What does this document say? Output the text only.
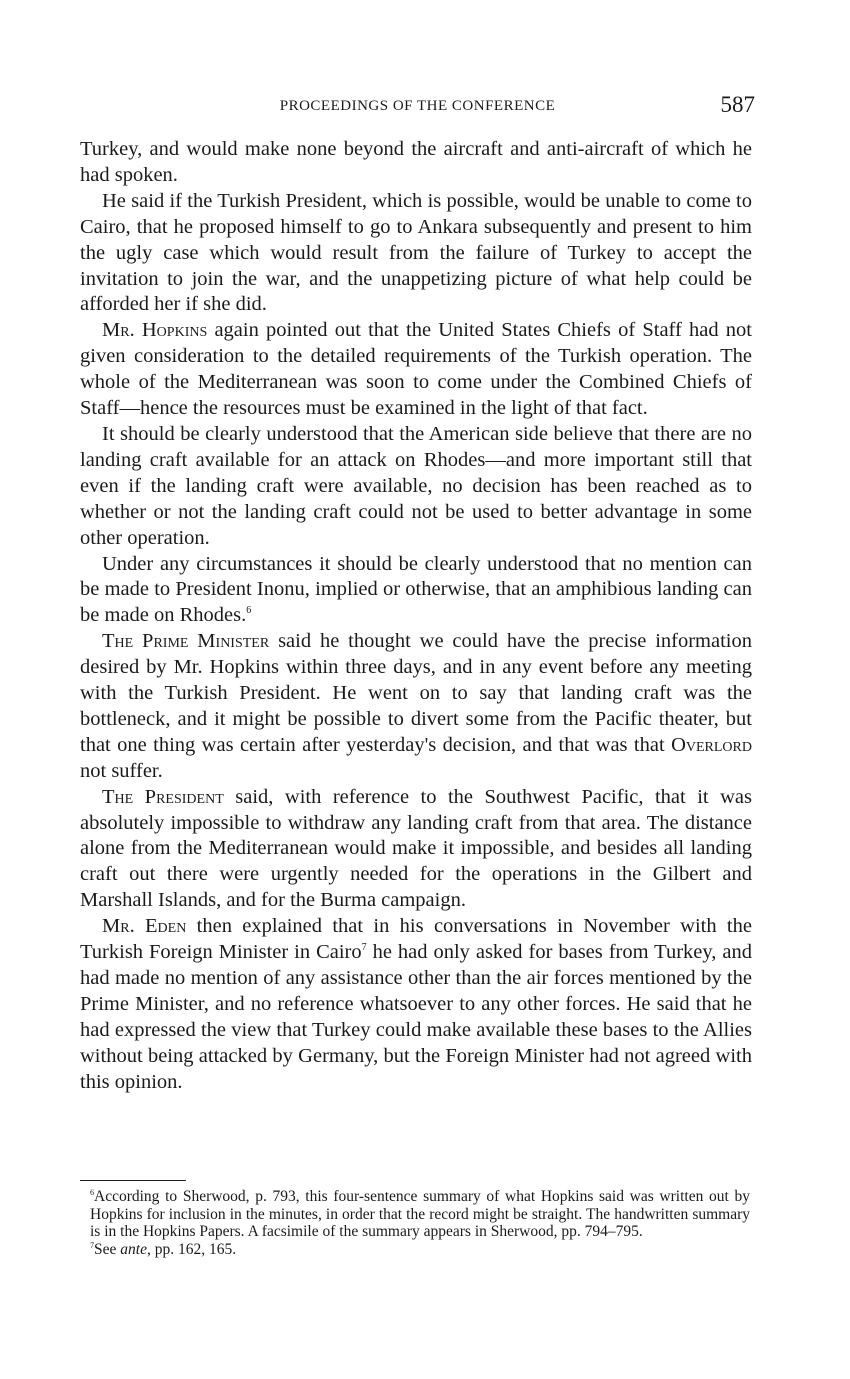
PROCEEDINGS OF THE CONFERENCE	587

Turkey, and would make none beyond the aircraft and anti-aircraft of which he had spoken.

He said if the Turkish President, which is possible, would be unable to come to Cairo, that he proposed himself to go to Ankara subsequently and present to him the ugly case which would result from the failure of Turkey to accept the invitation to join the war, and the unappetizing picture of what help could be afforded her if she did.

Mr. Hopkins again pointed out that the United States Chiefs of Staff had not given consideration to the detailed requirements of the Turkish operation. The whole of the Mediterranean was soon to come under the Combined Chiefs of Staff—hence the resources must be examined in the light of that fact.

It should be clearly understood that the American side believe that there are no landing craft available for an attack on Rhodes—and more important still that even if the landing craft were available, no decision has been reached as to whether or not the landing craft could not be used to better advantage in some other operation.

Under any circumstances it should be clearly understood that no mention can be made to President Inonu, implied or otherwise, that an amphibious landing can be made on Rhodes.$^6$

The Prime Minister said he thought we could have the precise information desired by Mr. Hopkins within three days, and in any event before any meeting with the Turkish President. He went on to say that landing craft was the bottleneck, and it might be possible to divert some from the Pacific theater, but that one thing was certain after yesterday's decision, and that was that Overlord not suffer.

The President said, with reference to the Southwest Pacific, that it was absolutely impossible to withdraw any landing craft from that area. The distance alone from the Mediterranean would make it impossible, and besides all landing craft out there were urgently needed for the operations in the Gilbert and Marshall Islands, and for the Burma campaign.

Mr. Eden then explained that in his conversations in November with the Turkish Foreign Minister in Cairo$^7$ he had only asked for bases from Turkey, and had made no mention of any assistance other than the air forces mentioned by the Prime Minister, and no reference whatsoever to any other forces. He said that he had expressed the view that Turkey could make available these bases to the Allies without being attacked by Germany, but the Foreign Minister had not agreed with this opinion.

$^6$According to Sherwood, p. 793, this four-sentence summary of what Hopkins said was written out by Hopkins for inclusion in the minutes, in order that the record might be straight. The handwritten summary is in the Hopkins Papers. A facsimile of the summary appears in Sherwood, pp. 794–795.

$^7$See ante, pp. 162, 165.
